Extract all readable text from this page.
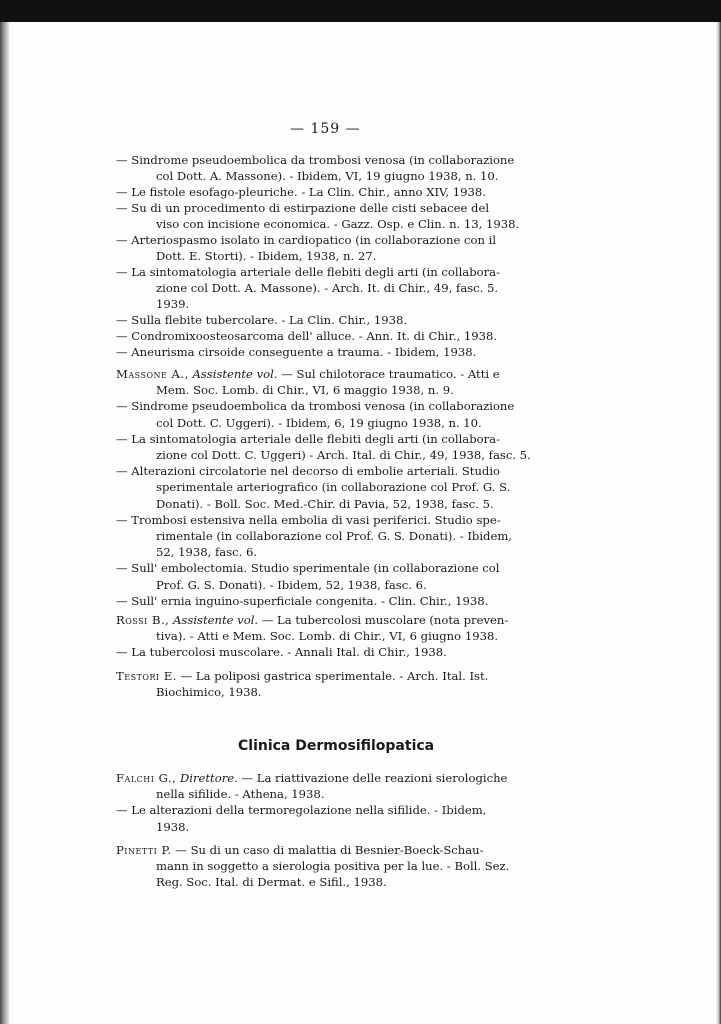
— 159 —
— Sindrome pseudoembolica da trombosi venosa (in collaborazione
col Dott. A. Massone). - Ibidem, VI, 19 giugno 1938, n. 10.
— Le fistole esofago-pleuriche. - La Clin. Chir., anno XIV, 1938.
— Su di un procedimento di estirpazione delle cisti sebacee del
viso con incisione economica. - Gazz. Osp. e Clin. n. 13, 1938.
— Arteriospasmo isolato in cardiopatico (in collaborazione con il
Dott. E. Storti). - Ibidem, 1938, n. 27.
— La sintomatologia arteriale delle flebiti degli arti (in collabora-
zione col Dott. A. Massone). - Arch. It. di Chir., 49, fasc. 5.
1939.
— Sulla flebite tubercolare. - La Clin. Chir., 1938.
— Condromixoosteosarcoma dell' alluce. - Ann. It. di Chir., 1938.
— Aneurisma cirsoide conseguente a trauma. - Ibidem, 1938.
Massone A., Assistente vol. — Sul chilotorace traumatico. - Atti e
Mem. Soc. Lomb. di Chir., VI, 6 maggio 1938, n. 9.
— Sindrome pseudoembolica da trombosi venosa (in collaborazione
col Dott. C. Uggeri). - Ibidem, 6, 19 giugno 1938, n. 10.
— La sintomatologia arteriale delle flebiti degli arti (in collabora-
zione col Dott. C. Uggeri) - Arch. Ital. di Chir., 49, 1938, fasc. 5.
— Alterazioni circolatorie nel decorso di embolie arteriali. Studio
sperimentale arteriografico (in collaborazione col Prof. G. S.
Donati). - Boll. Soc. Med.-Chir. di Pavia, 52, 1938, fasc. 5.
— Trombosi estensiva nella embolia di vasi periferici. Studio spe-
rimentale (in collaborazione col Prof. G. S. Donati). - Ibidem,
52, 1938, fasc. 6.
— Sull' embolectomia. Studio sperimentale (in collaborazione col
Prof. G. S. Donati). - Ibidem, 52, 1938, fasc. 6.
— Sull' ernia inguino-superficiale congenita. - Clin. Chir., 1938.
Rossi B., Assistente vol. — La tubercolosi muscolare (nota preven-
tiva). - Atti e Mem. Soc. Lomb. di Chir., VI, 6 giugno 1938.
— La tubercolosi muscolare. - Annali Ital. di Chir., 1938.
Testori E. — La poliposi gastrica sperimentale. - Arch. Ital. Ist.
Biochimico, 1938.
Clinica Dermosifilopatica
Falchi G., Direttore. — La riattivazione delle reazioni sierologiche
nella sifilide. - Athena, 1938.
— Le alterazioni della termoregolazione nella sifilide. - Ibidem,
1938.
Pinetti P. — Su di un caso di malattia di Besnier-Boeck-Schau-
mann in soggetto a sierologia positiva per la lue. - Boll. Sez.
Reg. Soc. Ital. di Dermat. e Sifil., 1938.
